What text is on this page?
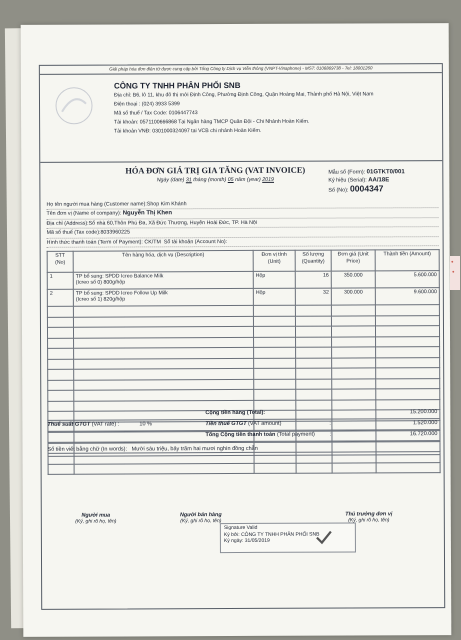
Giải pháp hóa đơn điện tử được cung cấp bởi Tổng Công ty Dịch vụ Viễn thông (VNPT-Vinaphone) - MST: 0106869738 - Tel: 18001260
CÔNG TY TNHH PHÂN PHỐI SNB
Địa chỉ: B6, lô 11, khu đô thị mới Định Công, Phường Định Công, Quận Hoàng Mai, Thành phố Hà Nội, Việt Nam
Điện thoại : (024) 3933 5399
Mã số thuế / Tax Code: 0106447743
Tài khoản: 0571100666868 Tại Ngân hàng TMCP Quân Đội - Chi Nhánh Hoàn Kiếm.
Tài khoản VNĐ: 0301000324097 tại VCB chi nhánh Hoàn Kiếm.
HÓA ĐƠN GIÁ TRỊ GIA TĂNG (VAT INVOICE)
Ngày (date) 31 tháng (month) 05 năm (year) 2019
Mẫu số (Form): 01GTKT0/001
Ký hiệu (Serial): AA/18E
Số (No): 0004347
Họ tên người mua hàng (Customer name):Shop Kim Khánh
Tên đơn vị (Name of company): Nguyễn Thị Khen
Địa chỉ (Address):Số nhà 60,Thôn Phú Đa, Xã Đức Thượng, Huyện Hoài Đức, TP. Hà Nội
Mã số thuế (Tax code):8033960225
Hình thức thanh toán (Term of Payment): CK/TM Số tài khoản (Account No):
STT (No)	Tên hàng hóa, dịch vụ (Description)	Đơn vị tính (Unit)	Số lượng (Quantity)	Đơn giá (Unit Price)	Thành tiền (Amount)
1	TP bổ sung: SPDD Icreo Balance Milk
(Icreo số 0) 800g/hộp	Hộp	16	350.000	5.600.000
2	TP bổ sung: SPDD Icreo Follow Up Milk
(Icreo số 1) 820g/hộp	Hộp	32	300.000	9.600.000

Cộng tiền hàng (Total):	15.200.000
Thuế suất GTGT (VAT rate) :	10 %	Tiền thuế GTGT (VAT amount)	:	1.520.000
Tổng Cộng tiền thanh toán (Total payment)	:	16.720.000
Số tiền viết bằng chữ (In words): Mười sáu triệu, bảy trăm hai mươi nghìn đồng chẵn
Người mua
(Ký, ghi rõ họ, tên)
Người bán hàng
(Ký, ghi rõ họ, tên)
Thủ trưởng đơn vị
(Ký, ghi rõ họ, tên)
Signature Valid
Ký bởi: CÔNG TY TNHH PHÂN PHỐI SNB
Ký ngày: 31/05/2019
ᐩ
ᐩ
